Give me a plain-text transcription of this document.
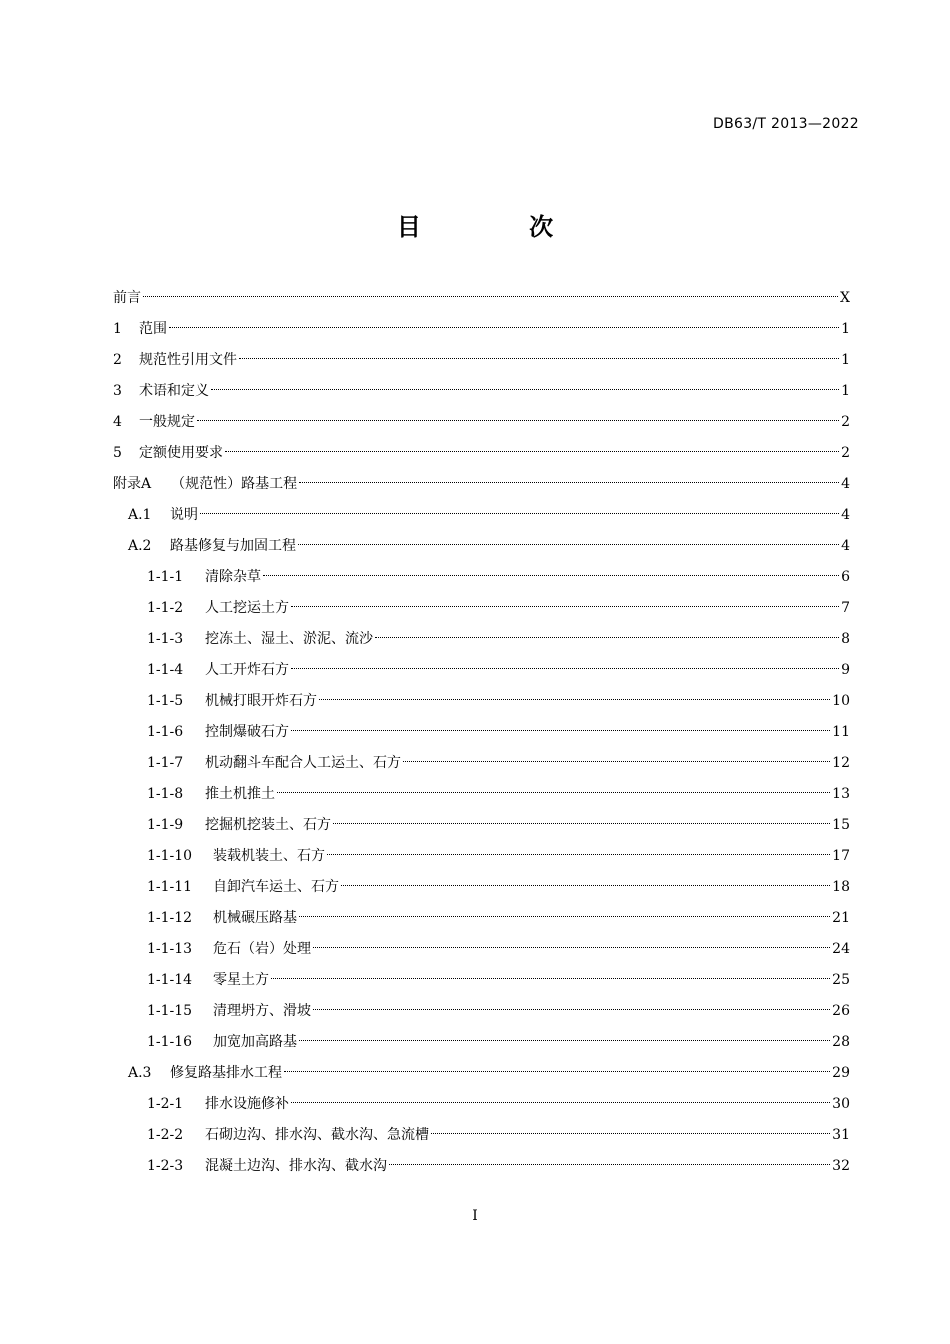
DB63/T 2013—2022
目 次
前言	X
1	范围	1
2	规范性引用文件	1
3	术语和定义	1
4	一般规定	2
5	定额使用要求	2
附录A （规范性）路基工程	4
A.1	说明	4
A.2	路基修复与加固工程	4
1-1-1	清除杂草	6
1-1-2	人工挖运土方	7
1-1-3	挖冻土、湿土、淤泥、流沙	8
1-1-4	人工开炸石方	9
1-1-5	机械打眼开炸石方	10
1-1-6	控制爆破石方	11
1-1-7	机动翻斗车配合人工运土、石方	12
1-1-8	推土机推土	13
1-1-9	挖掘机挖装土、石方	15
1-1-10	装载机装土、石方	17
1-1-11	自卸汽车运土、石方	18
1-1-12	机械碾压路基	21
1-1-13	危石（岩）处理	24
1-1-14	零星土方	25
1-1-15	清理坍方、滑坡	26
1-1-16	加宽加高路基	28
A.3	修复路基排水工程	29
1-2-1	排水设施修补	30
1-2-2	石砌边沟、排水沟、截水沟、急流槽	31
1-2-3	混凝土边沟、排水沟、截水沟	32
I
